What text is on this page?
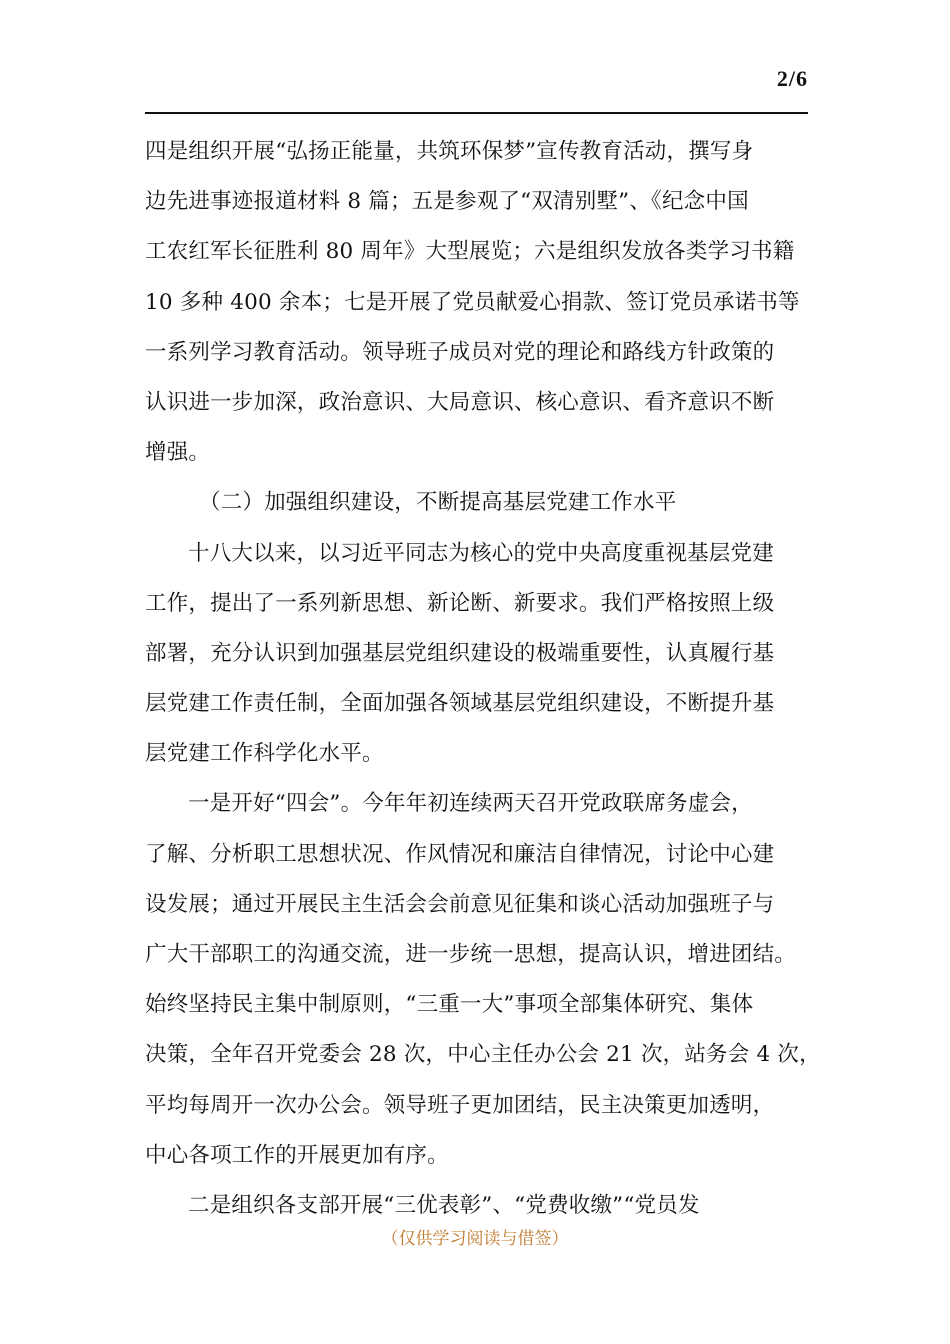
2/6
四是组织开展“弘扬正能量，共筑环保梦”宣传教育活动，撰写身
边先进事迹报道材料 8 篇；五是参观了“双清别墅”、《纪念中国
工农红军长征胜利 80 周年》大型展览；六是组织发放各类学习书籍
10 多种 400 余本；七是开展了党员献爱心捐款、签订党员承诺书等
一系列学习教育活动。领导班子成员对党的理论和路线方针政策的
认识进一步加深，政治意识、大局意识、核心意识、看齐意识不断
增强。
（二）加强组织建设，不断提高基层党建工作水平
十八大以来，以习近平同志为核心的党中央高度重视基层党建
工作，提出了一系列新思想、新论断、新要求。我们严格按照上级
部署，充分认识到加强基层党组织建设的极端重要性，认真履行基
层党建工作责任制，全面加强各领域基层党组织建设，不断提升基
层党建工作科学化水平。
一是开好“四会”。今年年初连续两天召开党政联席务虚会，
了解、分析职工思想状况、作风情况和廉洁自律情况，讨论中心建
设发展；通过开展民主生活会会前意见征集和谈心活动加强班子与
广大干部职工的沟通交流，进一步统一思想，提高认识，增进团结。
始终坚持民主集中制原则，“三重一大”事项全部集体研究、集体
决策，全年召开党委会 28 次，中心主任办公会 21 次，站务会 4 次，
平均每周开一次办公会。领导班子更加团结，民主决策更加透明，
中心各项工作的开展更加有序。
二是组织各支部开展“三优表彰”、“党费收缴”“党员发
（仅供学习阅读与借签）
